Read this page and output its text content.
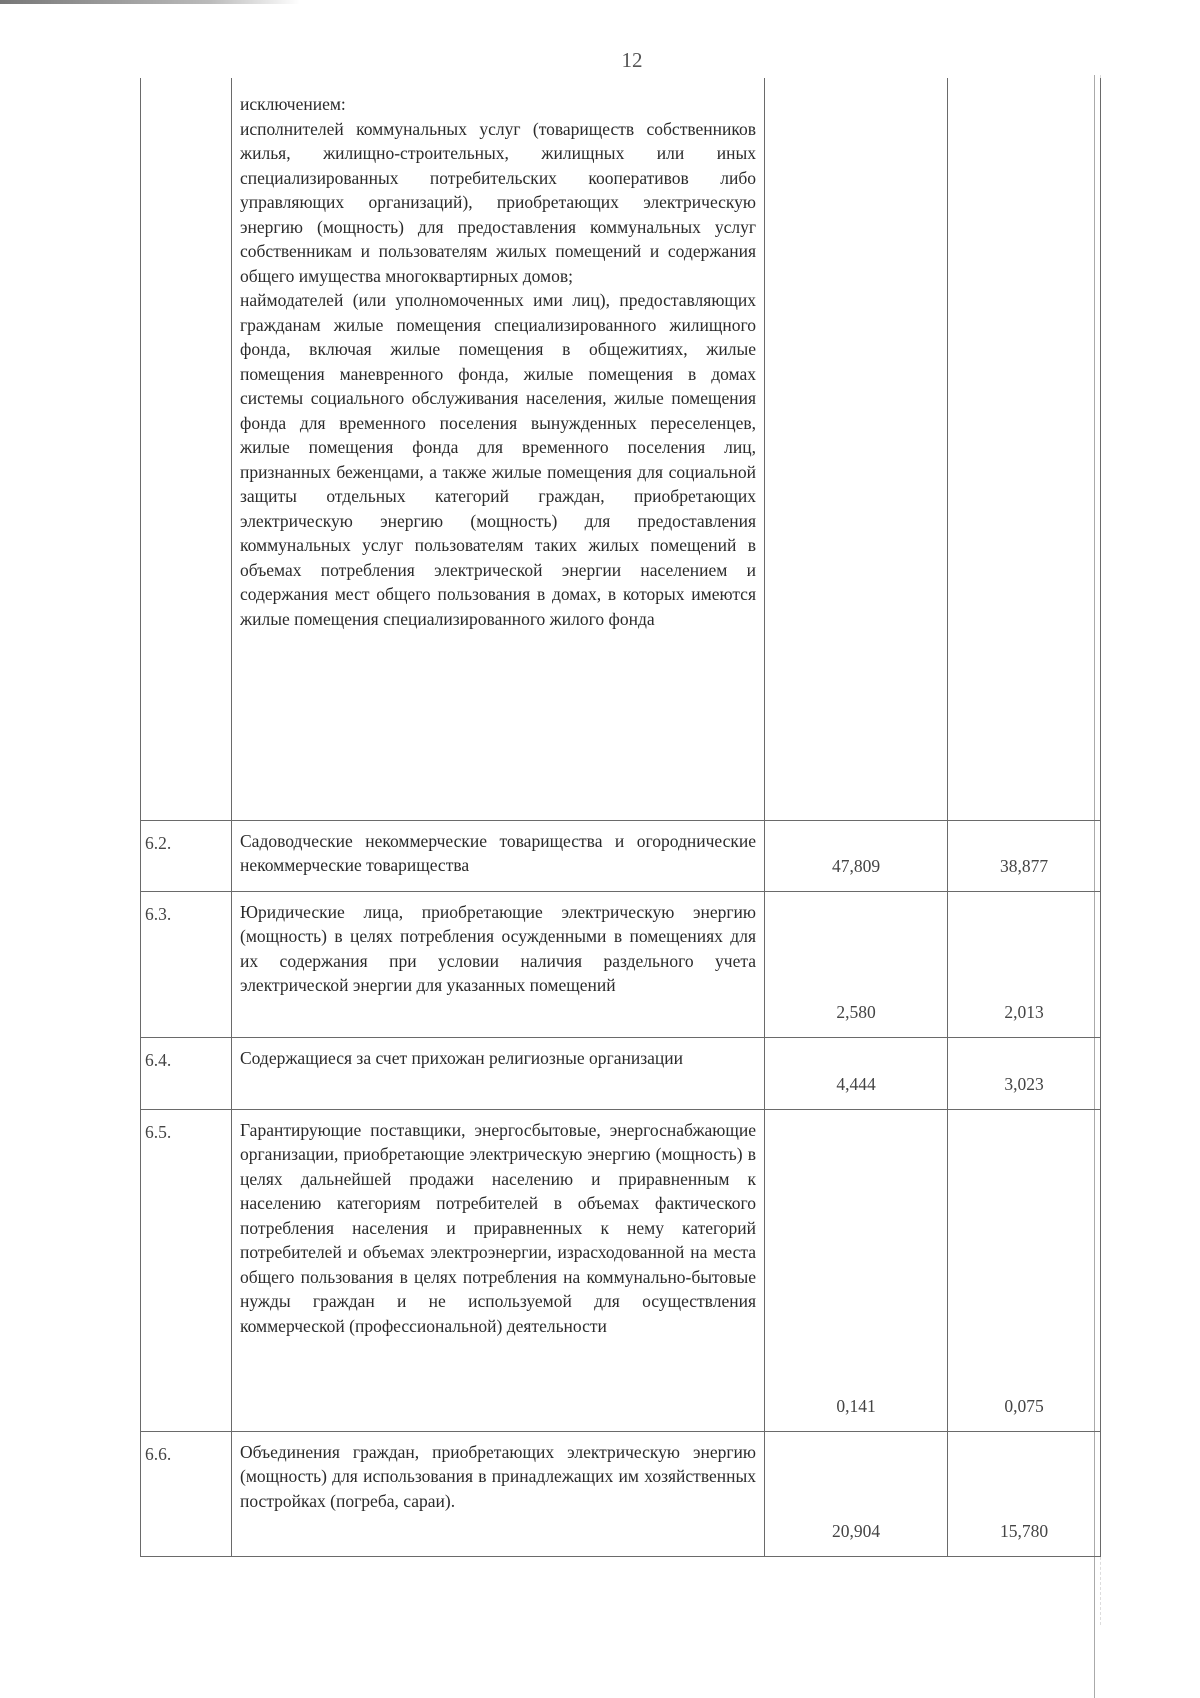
12

	исключением:
исполнителей коммунальных услуг (товариществ собственников жилья, жилищно-строительных, жилищных или иных специализированных потребительских кооперативов либо управляющих организаций), приобретающих электрическую энергию (мощность) для предоставления коммунальных услуг собственникам и пользователям жилых помещений и содержания общего имущества многоквартирных домов;
наймодателей (или уполномоченных ими лиц), предоставляющих гражданам жилые помещения специализированного жилищного фонда, включая жилые помещения в общежитиях, жилые помещения маневренного фонда, жилые помещения в домах системы социального обслуживания населения, жилые помещения фонда для временного поселения вынужденных переселенцев, жилые помещения фонда для временного поселения лиц, признанных беженцами, а также жилые помещения для социальной защиты отдельных категорий граждан, приобретающих электрическую энергию (мощность) для предоставления коммунальных услуг пользователям таких жилых помещений в объемах потребления электрической энергии населением и содержания мест общего пользования в домах, в которых имеются жилые помещения специализированного жилого фонда		

6.2.	Садоводческие некоммерческие товарищества и огороднические некоммерческие товарищества	47,809	38,877
6.3.	Юридические лица, приобретающие электрическую энергию (мощность) в целях потребления осужденными в помещениях для их содержания при условии наличия раздельного учета электрической энергии для указанных помещений	2,580	2,013
6.4.	Содержащиеся за счет прихожан религиозные организации	4,444	3,023
6.5.	Гарантирующие поставщики, энергосбытовые, энергоснабжающие организации, приобретающие электрическую энергию (мощность) в целях дальнейшей продажи населению и приравненным к населению категориям потребителей в объемах фактического потребления населения и приравненных к нему категорий потребителей и объемах электроэнергии, израсходованной на места общего пользования в целях потребления на коммунально-бытовые нужды граждан и не используемой для осуществления коммерческой (профессиональной) деятельности	0,141	0,075
6.6.	Объединения граждан, приобретающих электрическую энергию (мощность) для использования в принадлежащих им хозяйственных постройках (погреба, сараи).	20,904	15,780
